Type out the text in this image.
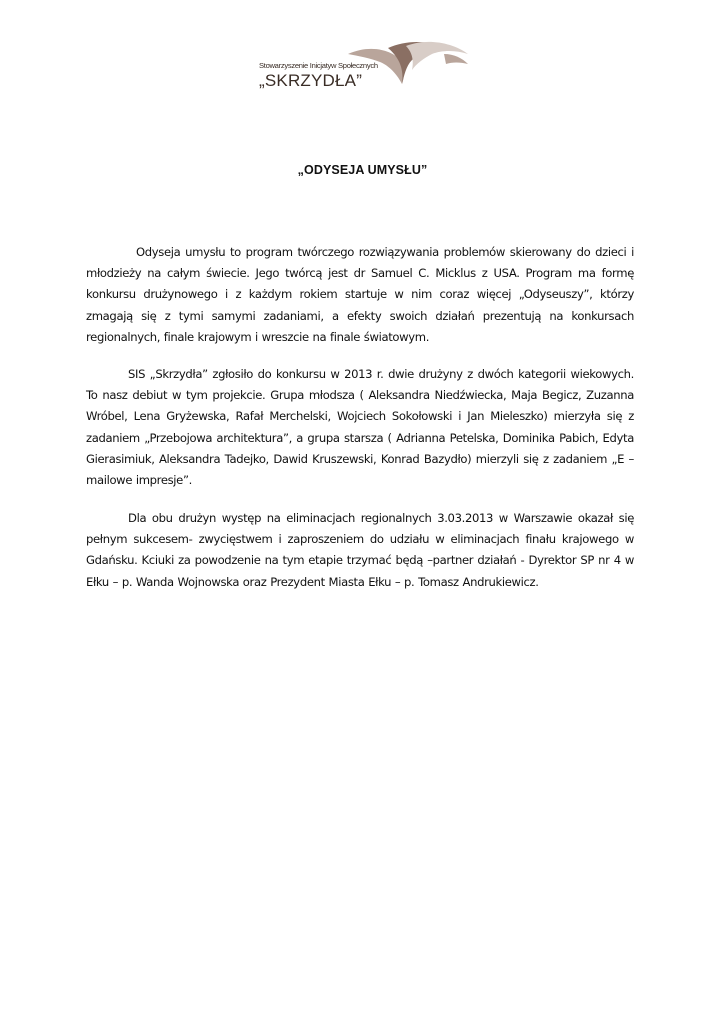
Stowarzyszenie Inicjatyw Społecznych
„SKRZYDŁA”
„ODYSEJA UMYSŁU”

Odyseja umysłu to program twórczego rozwiązywania problemów skierowany do dzieci i młodzieży na całym świecie. Jego twórcą jest dr Samuel C. Micklus z USA. Program ma formę konkursu drużynowego i z każdym rokiem startuje w nim coraz więcej „Odyseuszy”, którzy zmagają się z tymi samymi zadaniami, a efekty swoich działań prezentują na konkursach regionalnych, finale krajowym i wreszcie na finale światowym.

SIS „Skrzydła” zgłosiło do konkursu w 2013 r. dwie drużyny z dwóch kategorii wiekowych. To nasz debiut w tym projekcie. Grupa młodsza ( Aleksandra Niedźwiecka, Maja Begicz, Zuzanna Wróbel, Lena Gryżewska, Rafał Merchelski, Wojciech Sokołowski i Jan Mieleszko) mierzyła się z zadaniem „Przebojowa architektura”, a grupa starsza ( Adrianna Petelska, Dominika Pabich, Edyta Gierasimiuk, Aleksandra Tadejko, Dawid Kruszewski, Konrad Bazydło) mierzyli się z zadaniem „E – mailowe impresje”.

Dla obu drużyn występ na eliminacjach regionalnych 3.03.2013 w Warszawie okazał się pełnym sukcesem- zwycięstwem i zaproszeniem do udziału w eliminacjach finału krajowego w Gdańsku. Kciuki za powodzenie na tym etapie trzymać będą –partner działań - Dyrektor SP nr 4 w Ełku – p. Wanda Wojnowska oraz Prezydent Miasta Ełku – p. Tomasz Andrukiewicz.
